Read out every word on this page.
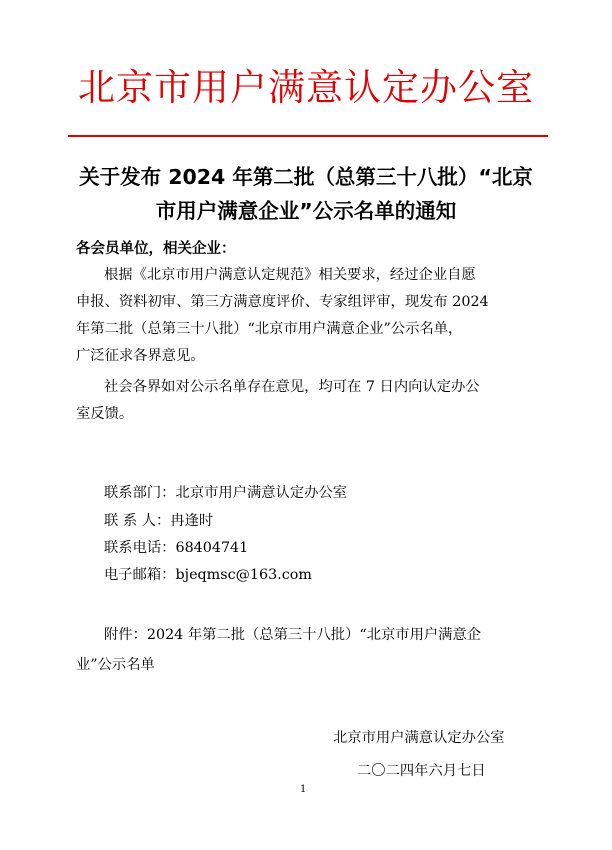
北京市用户满意认定办公室
关于发布 2024 年第二批（总第三十八批）“北京
市用户满意企业”公示名单的通知
各会员单位，相关企业：
根据《北京市用户满意认定规范》相关要求，经过企业自愿
申报、资料初审、第三方满意度评价、专家组评审，现发布 2024
年第二批（总第三十八批）“北京市用户满意企业”公示名单，
广泛征求各界意见。
社会各界如对公示名单存在意见，均可在 7 日内向认定办公
室反馈。
联系部门：北京市用户满意认定办公室
联 系 人：冉逢时
联系电话：68404741
电子邮箱：bjeqmsc@163.com
附件：2024 年第二批（总第三十八批）“北京市用户满意企
业”公示名单
北京市用户满意认定办公室
二〇二四年六月七日
1
